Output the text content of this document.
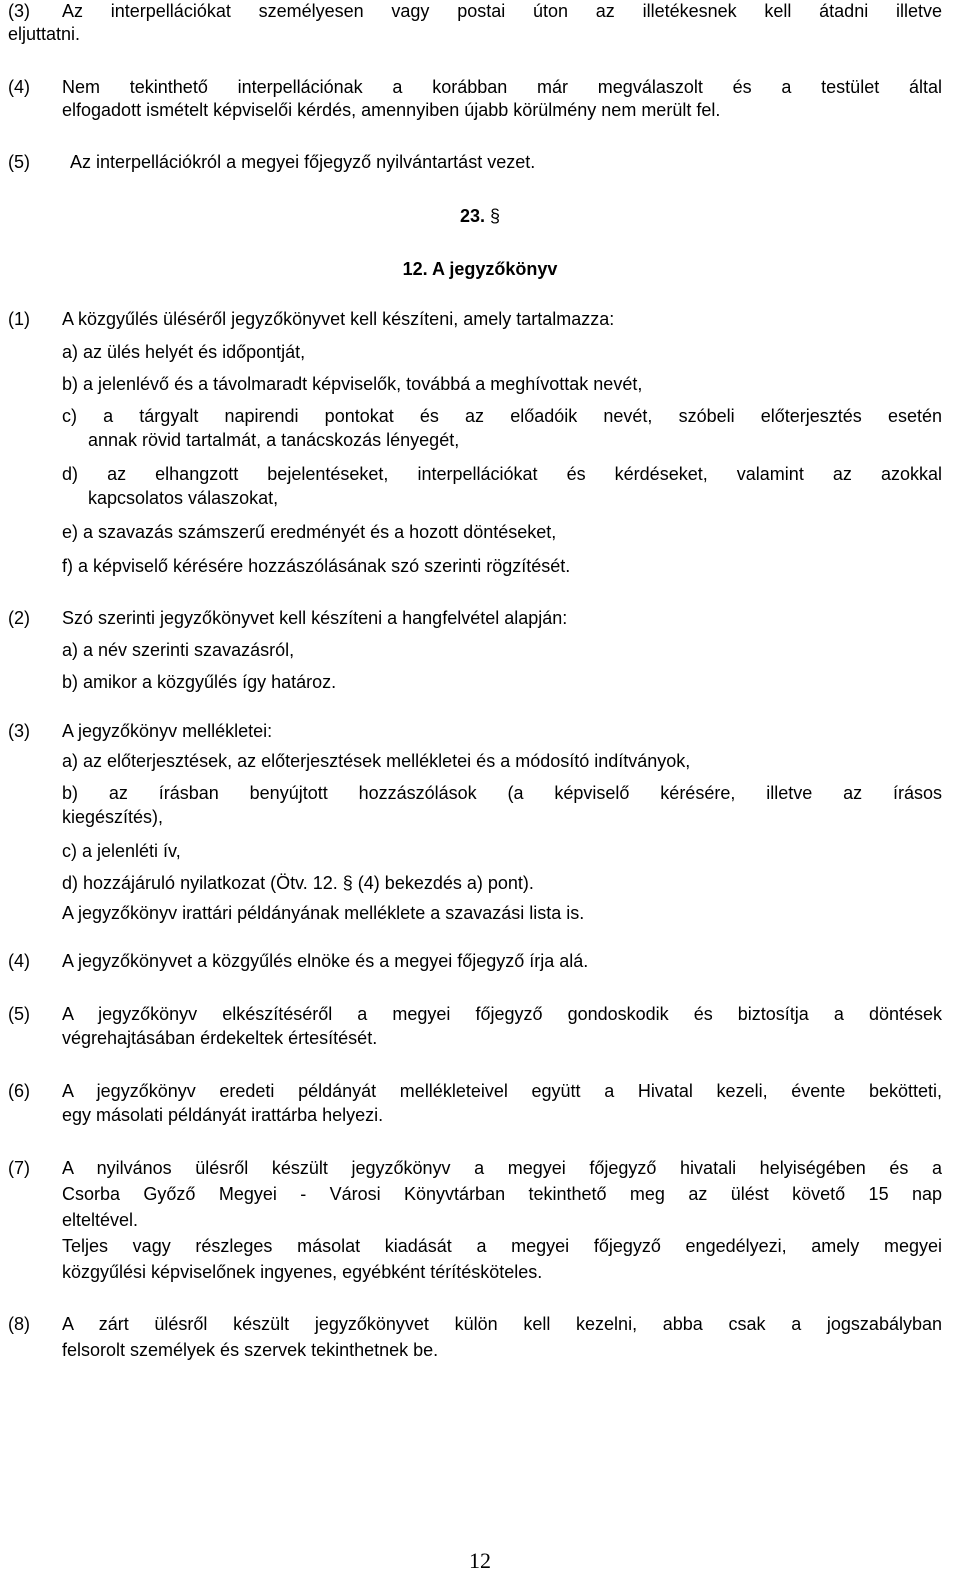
(3) Az interpellációkat személyesen vagy postai úton az illetékesnek kell átadni illetve
eljuttatni.
(4) Nem tekinthető interpellációnak a korábban már megválaszolt és a testület által
elfogadott ismételt képviselői kérdés, amennyiben újabb körülmény nem merült fel.
(5) Az interpellációkról a megyei főjegyző nyilvántartást vezet.
23. §
12. A jegyzőkönyv
(1) A közgyűlés üléséről jegyzőkönyvet kell készíteni, amely tartalmazza:
a) az ülés helyét és időpontját,
b) a jelenlévő és a távolmaradt képviselők, továbbá a meghívottak nevét,
c) a tárgyalt napirendi pontokat és az előadóik nevét, szóbeli előterjesztés esetén
annak rövid tartalmát, a tanácskozás lényegét,
d) az elhangzott bejelentéseket, interpellációkat és kérdéseket, valamint az azokkal
kapcsolatos válaszokat,
e) a szavazás számszerű eredményét és a hozott döntéseket,
f) a képviselő kérésére hozzászólásának szó szerinti rögzítését.
(2) Szó szerinti jegyzőkönyvet kell készíteni a hangfelvétel alapján:
a) a név szerinti szavazásról,
b) amikor a közgyűlés így határoz.
(3) A jegyzőkönyv mellékletei:
a) az előterjesztések, az előterjesztések mellékletei és a módosító indítványok,
b) az írásban benyújtott hozzászólások (a képviselő kérésére, illetve az írásos
kiegészítés),
c) a jelenléti ív,
d) hozzájáruló nyilatkozat (Ötv. 12. § (4) bekezdés a) pont).
A jegyzőkönyv irattári példányának melléklete a szavazási lista is.
(4) A jegyzőkönyvet a közgyűlés elnöke és a megyei főjegyző írja alá.
(5) A jegyzőkönyv elkészítéséről a megyei főjegyző gondoskodik és biztosítja a döntések
végrehajtásában érdekeltek értesítését.
(6) A jegyzőkönyv eredeti példányát mellékleteivel együtt a Hivatal kezeli, évente beköttet​i,
egy másolati példányát irattárba helyezi.
(7) A nyilvános ülésről készült jegyzőkönyv a megyei főjegyző hivatali helyiségében és a
Csorba Győző Megyei - Városi Könyvtárban tekinthető meg az ülést követő 15 nap
elteltével.
Teljes vagy részleges másolat kiadását a megyei főjegyző engedélyezi, amely megyei
közgyűlési képviselőnek ingyenes, egyébként térítésköteles.
(8) A zárt ülésről készült jegyzőkönyvet külön kell kezelni, abba csak a jogszabályban
felsorolt személyek és szervek tekinthetnek be.
12
